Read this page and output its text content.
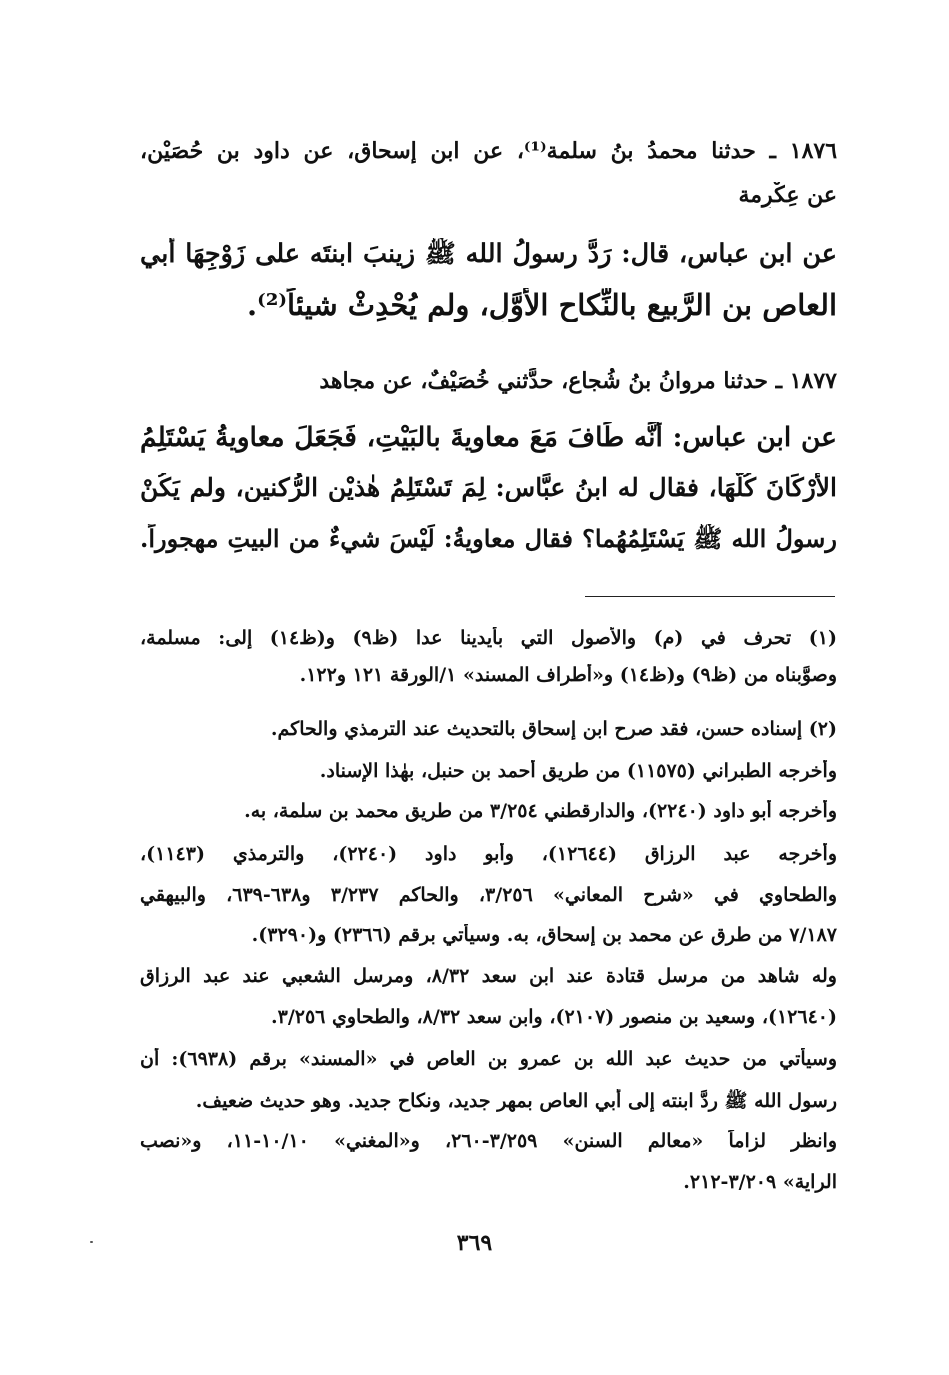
١٨٧٦ ـ حدثنا محمدُ بنُ سلمة⁽¹⁾، عن ابنِ إسحاق، عن داود بنِ حُصَيْنٍ،
عن عِكْرِمة
عن ابن عباس، قال: رَدَّ رسولُ الله ﷺ زينبَ ابنتَه على زَوْجِهَا أَبي
العاص بنِ الرَّبيعِ بالنِّكاحِ الأَوَّلِ، ولم يُحْدِثْ شيئاً⁽²⁾.
١٨٧٧ ـ حدثنا مروانُ بنُ شُجاعٍ، حدَّثني خُصَيْفٌ، عن مجاهد
عن ابن عباس: أَنَّه طَافَ مَعَ معاويةَ بالبَيْتِ، فَجَعَلَ معاويةُ يَسْتَلِمُ
الأَرْكَانَ كُلَّهَا، فقال له ابنُ عبَّاسٍ: لِمَ تَسْتَلِمُ هٰذيْنِ الرُّكنين، ولم يَكُنْ
رسولُ الله ﷺ يَسْتَلِمُهُما؟ فقال معاويةُ: لَيْسَ شيءٌ من البيتِ مهجوراً.
(١) تحرف في (م) والأصول التي بأيدينا عدا (ظ٩) و(ظ١٤) إلى: مسلمة،
وصوَّبناه من (ظ٩) و(ظ١٤) و«أطراف المسند» ١/الورقة ١٢١ و١٢٢.
(٢) إسناده حسن، فقد صرح ابن إسحاق بالتحديث عند الترمذي والحاكم.
وأخرجه الطبراني (١١٥٧٥) من طريق أحمد بن حنبل، بهٰذا الإسناد.
وأخرجه أبو داود (٢٢٤٠)، والدارقطني ٣/٢٥٤ من طريق محمد بن سلمة، به.
وأخرجه عبد الرزاق (١٢٦٤٤)، وأبو داود (٢٢٤٠)، والترمذي (١١٤٣)،
والطحاوي في «شرح المعاني» ٣/٢٥٦، والحاكم ٣/٢٣٧ و٦٣٨-٦٣٩، والبيهقي
٧/١٨٧ من طرق عن محمد بن إسحاق، به. وسيأتي برقم (٢٣٦٦) و(٣٢٩٠).
وله شاهد من مرسل قتادة عند ابن سعد ٨/٣٢، ومرسل الشعبي عند عبد الرزاق
(١٢٦٤٠)، وسعيد بن منصور (٢١٠٧)، وابن سعد ٨/٣٢، والطحاوي ٣/٢٥٦.
وسيأتي من حديث عبد الله بن عمرو بن العاص في «المسند» برقم (٦٩٣٨): أن
رسول الله ﷺ ردَّ ابنته إلى أبي العاص بمهر جديد، ونكاح جديد. وهو حديث ضعيف.
وانظر لزاماً «معالم السنن» ٣/٢٥٩-٢٦٠، و«المغني» ١٠/١٠-١١، و«نصب
الراية» ٣/٢٠٩-٢١٢.
٣٦٩
